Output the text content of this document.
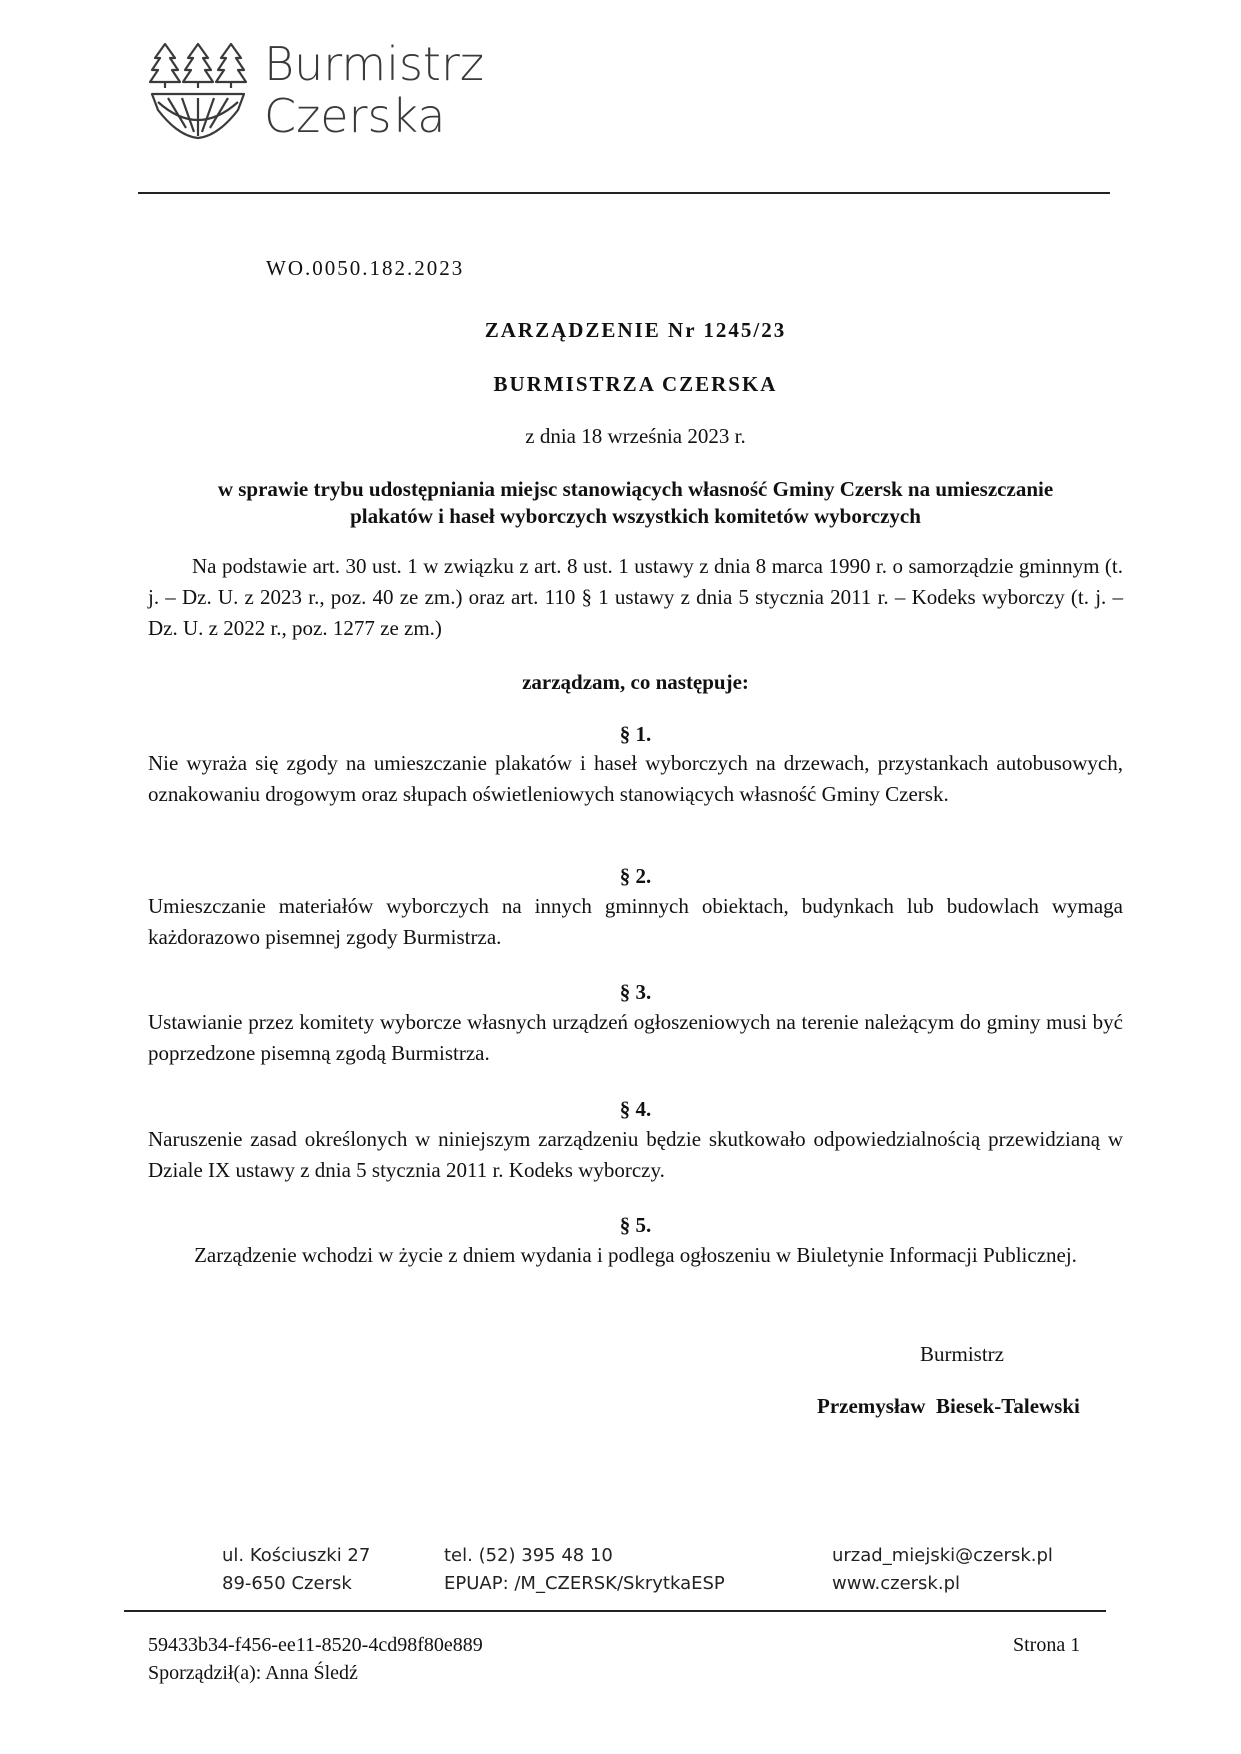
Burmistrz
Czerska
WO.0050.182.2023
ZARZĄDZENIE Nr 1245/23
BURMISTRZA CZERSKA
z dnia 18 września 2023 r.
w sprawie trybu udostępniania miejsc stanowiących własność Gminy Czersk na umieszczanie
plakatów i haseł wyborczych wszystkich komitetów wyborczych
Na podstawie art. 30 ust. 1 w związku z art. 8 ust. 1 ustawy z dnia 8 marca 1990 r. o samorządzie gminnym (t. j. – Dz. U. z 2023 r., poz. 40 ze zm.) oraz art. 110 § 1 ustawy z dnia 5 stycznia 2011 r. – Kodeks wyborczy (t. j. – Dz. U. z 2022 r., poz. 1277 ze zm.)
zarządzam, co następuje:
§ 1.
Nie wyraża się zgody na umieszczanie plakatów i haseł wyborczych na drzewach, przystankach autobusowych, oznakowaniu drogowym oraz słupach oświetleniowych stanowiących własność Gminy Czersk.
§ 2.
Umieszczanie materiałów wyborczych na innych gminnych obiektach, budynkach lub budowlach wymaga każdorazowo pisemnej zgody Burmistrza.
§ 3.
Ustawianie przez komitety wyborcze własnych urządzeń ogłoszeniowych na terenie należącym do gminy musi być poprzedzone pisemną zgodą Burmistrza.
§ 4.
Naruszenie zasad określonych w niniejszym zarządzeniu będzie skutkowało odpowiedzialnością przewidzianą w Dziale IX ustawy z dnia 5 stycznia 2011 r. Kodeks wyborczy.
§ 5.
Zarządzenie wchodzi w życie z dniem wydania i podlega ogłoszeniu w Biuletynie Informacji Publicznej.
Burmistrz
Przemysław  Biesek-Talewski
ul. Kościuszki 27
89-650 Czersk
tel. (52) 395 48 10
EPUAP: /M_CZERSK/SkrytkaESP
urzad_miejski@czersk.pl
www.czersk.pl
59433b34-f456-ee11-8520-4cd98f80e889
Sporządził(a): Anna Śledź
Strona 1
